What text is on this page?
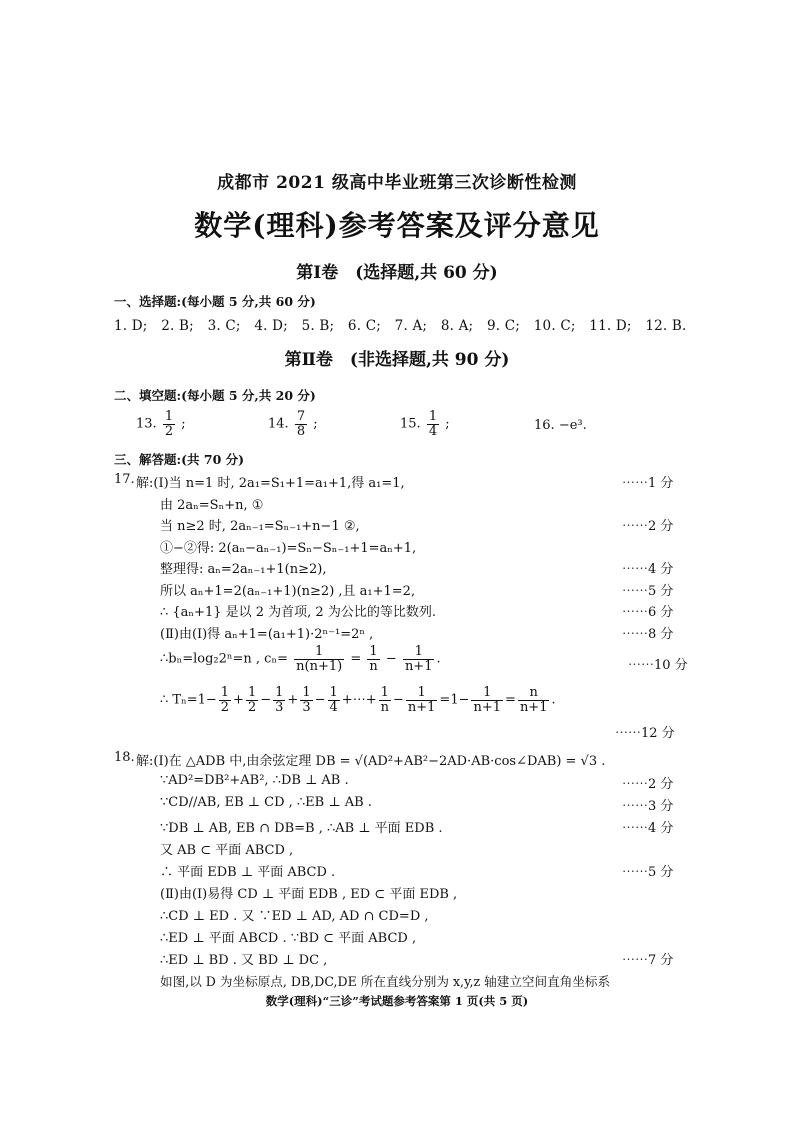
成都市 2021 级高中毕业班第三次诊断性检测
数学(理科)参考答案及评分意见
第Ⅰ卷　(选择题,共 60 分)
一、选择题:(每小题 5 分,共 60 分)
1. D;　2. B;　3. C;　4. D;　5. B;　6. C;　7. A;　8. A;　9. C;　10. C;　11. D;　12. B.
第Ⅱ卷　(非选择题,共 90 分)
二、填空题:(每小题 5 分,共 20 分)
13. $\frac{1}{2}$ ;	14. $\frac{7}{8}$ ;	15. $\frac{1}{4}$ ;	16. −e³.
三、解答题:(共 70 分)
17. 解:(Ⅰ)当 n=1 时, 2a₁=S₁+1=a₁+1,得 a₁=1,	⋯⋯1 分
由 2aₙ=Sₙ+n, ①
当 n≥2 时, 2aₙ₋₁=Sₙ₋₁+n−1 ②,	⋯⋯2 分
①−②得: 2(aₙ−aₙ₋₁)=Sₙ−Sₙ₋₁+1=aₙ+1,
整理得: aₙ=2aₙ₋₁+1(n≥2),	⋯⋯4 分
所以 aₙ+1=2(aₙ₋₁+1)(n≥2) ,且 a₁+1=2,	⋯⋯5 分
∴ {aₙ+1} 是以 2 为首项, 2 为公比的等比数列.	⋯⋯6 分
(Ⅱ)由(Ⅰ)得 aₙ+1=(a₁+1)·2ⁿ⁻¹=2ⁿ ,	⋯⋯8 分
∴bₙ=log₂2ⁿ=n , $c_n= \frac{1}{n(n+1)} = \frac{1}{n} - \frac{1}{n+1}$ .	⋯⋯10 分
∴ $T_n=1- \frac{1}{2} + \frac{1}{2} - \frac{1}{3} + \frac{1}{3} - \frac{1}{4}$ +⋯+ $\frac{1}{n} - \frac{1}{n+1} =1- \frac{1}{n+1} = \frac{n}{n+1}$ .
⋯⋯12 分
18. 解:(Ⅰ)在 △ADB 中,由余弦定理 DB = √(AD²+AB²−2AD·AB·cos∠DAB) = √3 .
∵AD²=DB²+AB², ∴DB ⊥ AB .	⋯⋯2 分
∵CD//AB, EB ⊥ CD , ∴EB ⊥ AB .	⋯⋯3 分
∵DB ⊥ AB, EB ∩ DB=B , ∴AB ⊥ 平面 EDB .	⋯⋯4 分
又 AB ⊂ 平面 ABCD ,
∴ 平面 EDB ⊥ 平面 ABCD .	⋯⋯5 分
(Ⅱ)由(Ⅰ)易得 CD ⊥ 平面 EDB , ED ⊂ 平面 EDB ,
∴CD ⊥ ED . 又 ∵ED ⊥ AD, AD ∩ CD=D ,
∴ED ⊥ 平面 ABCD . ∵BD ⊂ 平面 ABCD ,
∴ED ⊥ BD . 又 BD ⊥ DC ,	⋯⋯7 分
如图,以 D 为坐标原点, DB,DC,DE 所在直线分别为 x,y,z 轴建立空间直角坐标系
数学(理科)“三诊”考试题参考答案第 1 页(共 5 页)
